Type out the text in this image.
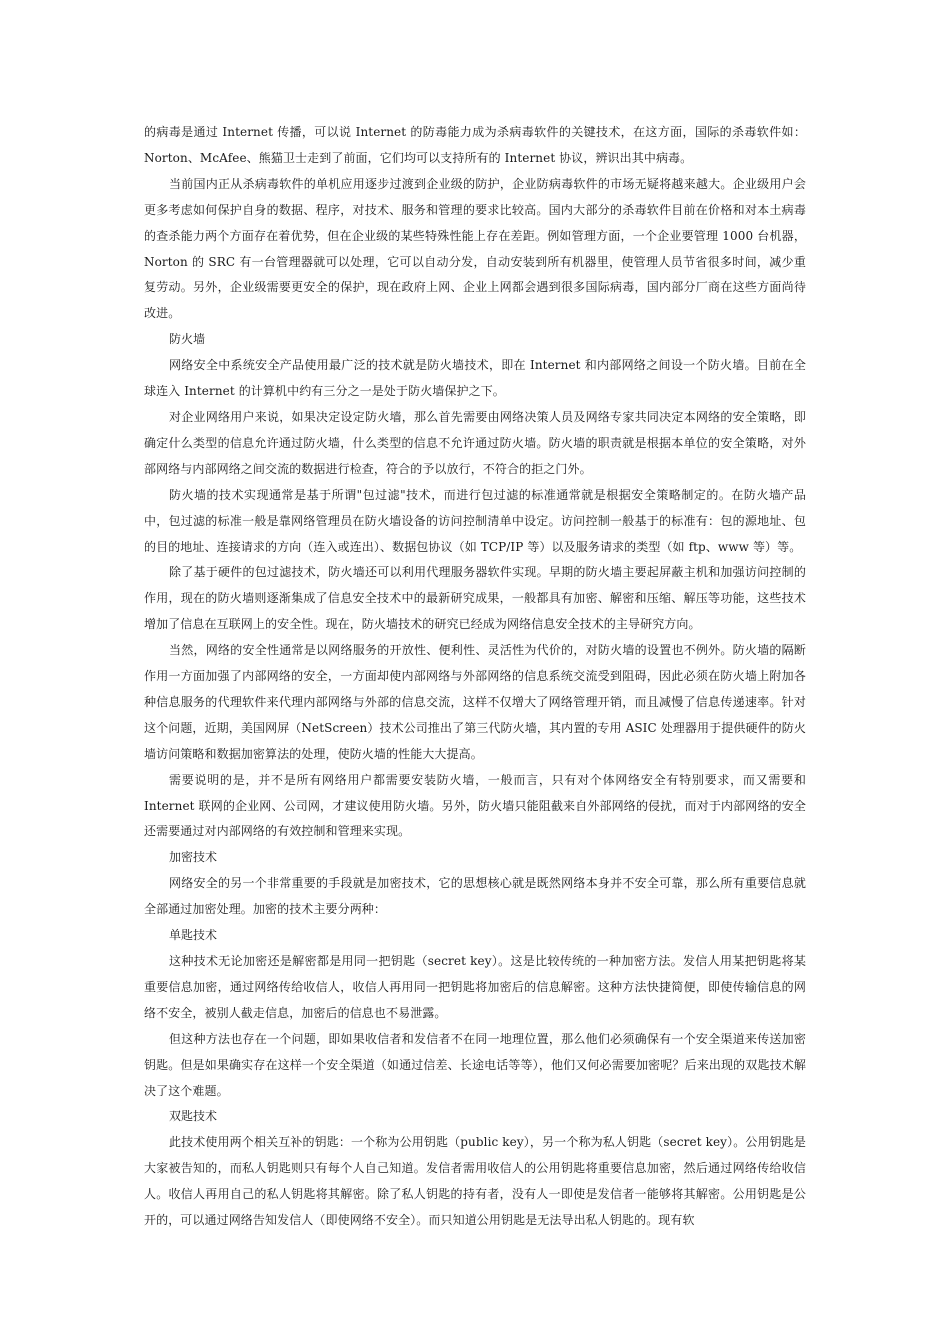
的病毒是通过 Internet 传播，可以说 Internet 的防毒能力成为杀病毒软件的关键技术，在这方面，国际的杀毒软件如：Norton、McAfee、熊猫卫士走到了前面，它们均可以支持所有的 Internet 协议，辨识出其中病毒。

当前国内正从杀病毒软件的单机应用逐步过渡到企业级的防护，企业防病毒软件的市场无疑将越来越大。企业级用户会更多考虑如何保护自身的数据、程序，对技术、服务和管理的要求比较高。国内大部分的杀毒软件目前在价格和对本土病毒的查杀能力两个方面存在着优势，但在企业级的某些特殊性能上存在差距。例如管理方面，一个企业要管理 1000 台机器，Norton 的 SRC 有一台管理器就可以处理，它可以自动分发，自动安装到所有机器里，使管理人员节省很多时间，减少重复劳动。另外，企业级需要更安全的保护，现在政府上网、企业上网都会遇到很多国际病毒，国内部分厂商在这些方面尚待改进。

防火墙

网络安全中系统安全产品使用最广泛的技术就是防火墙技术，即在 Internet 和内部网络之间设一个防火墙。目前在全球连入 Internet 的计算机中约有三分之一是处于防火墙保护之下。

对企业网络用户来说，如果决定设定防火墙，那么首先需要由网络决策人员及网络专家共同决定本网络的安全策略，即确定什么类型的信息允许通过防火墙，什么类型的信息不允许通过防火墙。防火墙的职责就是根据本单位的安全策略，对外部网络与内部网络之间交流的数据进行检查，符合的予以放行，不符合的拒之门外。

防火墙的技术实现通常是基于所谓"包过滤"技术，而进行包过滤的标准通常就是根据安全策略制定的。在防火墙产品中，包过滤的标准一般是靠网络管理员在防火墙设备的访问控制清单中设定。访问控制一般基于的标准有：包的源地址、包的目的地址、连接请求的方向（连入或连出）、数据包协议（如 TCP/IP 等）以及服务请求的类型（如 ftp、www 等）等。

除了基于硬件的包过滤技术，防火墙还可以利用代理服务器软件实现。早期的防火墙主要起屏蔽主机和加强访问控制的作用，现在的防火墙则逐渐集成了信息安全技术中的最新研究成果，一般都具有加密、解密和压缩、解压等功能，这些技术增加了信息在互联网上的安全性。现在，防火墙技术的研究已经成为网络信息安全技术的主导研究方向。

当然，网络的安全性通常是以网络服务的开放性、便利性、灵活性为代价的，对防火墙的设置也不例外。防火墙的隔断作用一方面加强了内部网络的安全，一方面却使内部网络与外部网络的信息系统交流受到阻碍，因此必须在防火墙上附加各种信息服务的代理软件来代理内部网络与外部的信息交流，这样不仅增大了网络管理开销，而且减慢了信息传递速率。针对这个问题，近期，美国网屏（NetScreen）技术公司推出了第三代防火墙，其内置的专用 ASIC 处理器用于提供硬件的防火墙访问策略和数据加密算法的处理，使防火墙的性能大大提高。

需要说明的是，并不是所有网络用户都需要安装防火墙，一般而言，只有对个体网络安全有特别要求，而又需要和 Internet 联网的企业网、公司网，才建议使用防火墙。另外，防火墙只能阻截来自外部网络的侵扰，而对于内部网络的安全还需要通过对内部网络的有效控制和管理来实现。

加密技术

网络安全的另一个非常重要的手段就是加密技术，它的思想核心就是既然网络本身并不安全可靠，那么所有重要信息就全部通过加密处理。加密的技术主要分两种：

单匙技术

这种技术无论加密还是解密都是用同一把钥匙（secret key）。这是比较传统的一种加密方法。发信人用某把钥匙将某重要信息加密，通过网络传给收信人，收信人再用同一把钥匙将加密后的信息解密。这种方法快捷简便，即使传输信息的网络不安全，被别人截走信息，加密后的信息也不易泄露。

但这种方法也存在一个问题，即如果收信者和发信者不在同一地理位置，那么他们必须确保有一个安全渠道来传送加密钥匙。但是如果确实存在这样一个安全渠道（如通过信差、长途电话等等），他们又何必需要加密呢？后来出现的双匙技术解决了这个难题。

双匙技术

此技术使用两个相关互补的钥匙：一个称为公用钥匙（public key），另一个称为私人钥匙（secret key）。公用钥匙是大家被告知的，而私人钥匙则只有每个人自己知道。发信者需用收信人的公用钥匙将重要信息加密，然后通过网络传给收信人。收信人再用自己的私人钥匙将其解密。除了私人钥匙的持有者，没有人一即使是发信者一能够将其解密。公用钥匙是公开的，可以通过网络告知发信人（即使网络不安全）。而只知道公用钥匙是无法导出私人钥匙的。现有软
